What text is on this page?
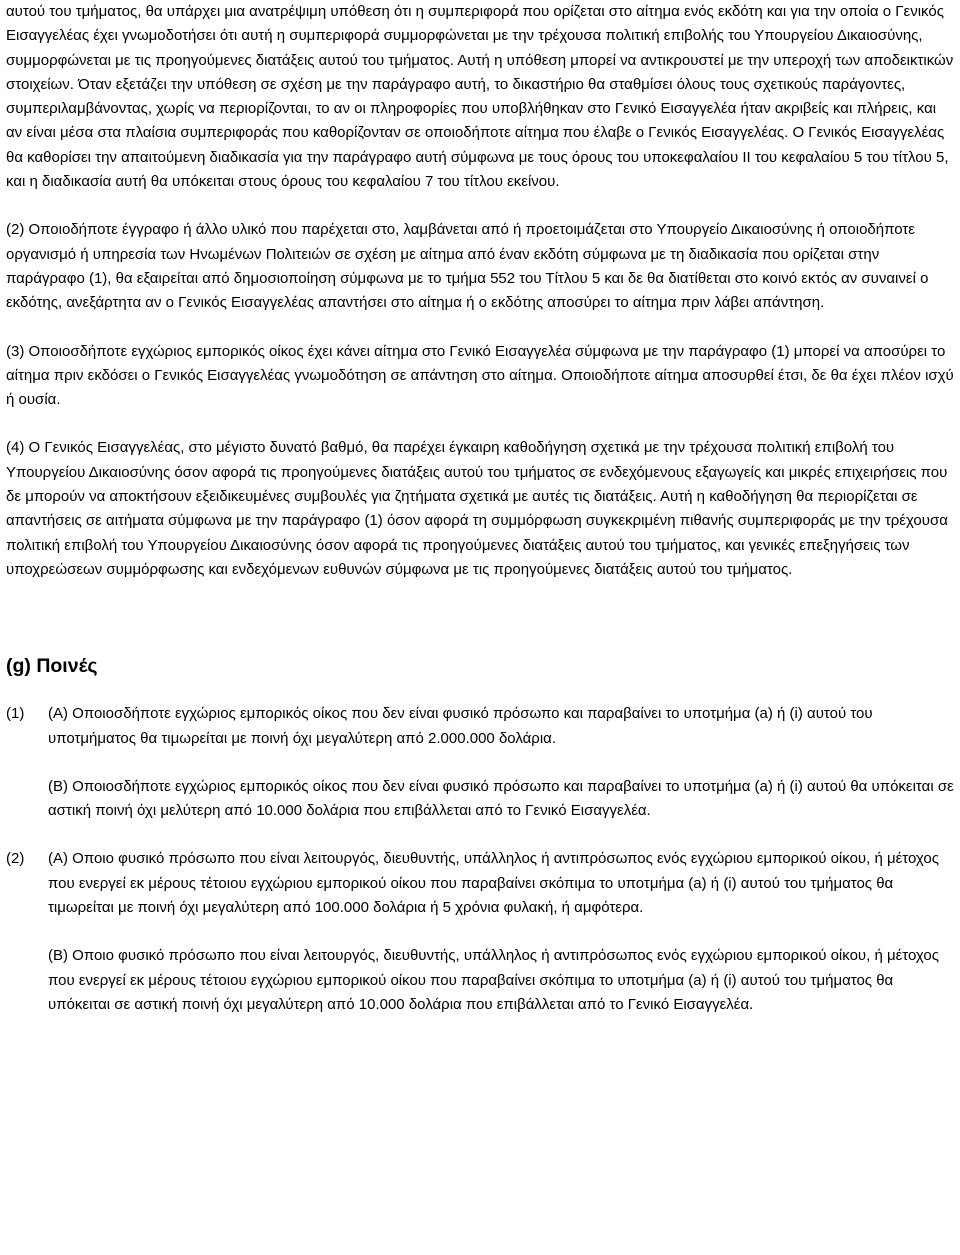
αυτού του τμήματος, θα υπάρχει μια ανατρέψιμη υπόθεση ότι η συμπεριφορά που ορίζεται στο αίτημα ενός εκδότη και για την οποία ο Γενικός Εισαγγελέας έχει γνωμοδοτήσει ότι αυτή η συμπεριφορά συμμορφώνεται με την τρέχουσα πολιτική επιβολής του Υπουργείου Δικαιοσύνης, συμμορφώνεται με τις προηγούμενες διατάξεις αυτού του τμήματος. Αυτή η υπόθεση μπορεί να αντικρουστεί με την υπεροχή των αποδεικτικών στοιχείων. Όταν εξετάζει την υπόθεση σε σχέση με την παράγραφο αυτή, το δικαστήριο θα σταθμίσει όλους τους σχετικούς παράγοντες, συμπεριλαμβάνοντας, χωρίς να περιορίζονται, το αν οι πληροφορίες που υποβλήθηκαν στο Γενικό Εισαγγελέα ήταν ακριβείς και πλήρεις, και αν είναι μέσα στα πλαίσια συμπεριφοράς που καθορίζονταν σε οποιοδήποτε αίτημα που έλαβε ο Γενικός Εισαγγελέας. Ο Γενικός Εισαγγελέας θα καθορίσει την απαιτούμενη διαδικασία για την παράγραφο αυτή σύμφωνα με τους όρους του υποκεφαλαίου II του κεφαλαίου 5 του τίτλου 5, και η διαδικασία αυτή θα υπόκειται στους όρους του κεφαλαίου 7 του τίτλου εκείνου.

(2) Οποιοδήποτε έγγραφο ή άλλο υλικό που παρέχεται στο, λαμβάνεται από ή προετοιμάζεται στο Υπουργείο Δικαιοσύνης ή οποιοδήποτε οργανισμό ή υπηρεσία των Ηνωμένων Πολιτειών σε σχέση με αίτημα από έναν εκδότη σύμφωνα με τη διαδικασία που ορίζεται στην παράγραφο (1), θα εξαιρείται από δημοσιοποίηση σύμφωνα με το τμήμα 552 του Τίτλου 5 και δε θα διατίθεται στο κοινό εκτός αν συναινεί ο εκδότης, ανεξάρτητα αν ο Γενικός Εισαγγελέας απαντήσει στο αίτημα ή ο εκδότης αποσύρει το αίτημα πριν λάβει απάντηση.

(3) Οποιοσδήποτε εγχώριος εμπορικός οίκος έχει κάνει αίτημα στο Γενικό Εισαγγελέα σύμφωνα με την παράγραφο (1) μπορεί να αποσύρει το αίτημα πριν εκδόσει ο Γενικός Εισαγγελέας γνωμοδότηση σε απάντηση στο αίτημα. Οποιοδήποτε αίτημα αποσυρθεί έτσι, δε θα έχει πλέον ισχύ ή ουσία.

(4) Ο Γενικός Εισαγγελέας, στο μέγιστο δυνατό βαθμό, θα παρέχει έγκαιρη καθοδήγηση σχετικά με την τρέχουσα πολιτική επιβολή του Υπουργείου Δικαιοσύνης όσον αφορά τις προηγούμενες διατάξεις αυτού του τμήματος σε ενδεχόμενους εξαγωγείς και μικρές επιχειρήσεις που δε μπορούν να αποκτήσουν εξειδικευμένες συμβουλές για ζητήματα σχετικά με αυτές τις διατάξεις. Αυτή η καθοδήγηση θα περιορίζεται σε απαντήσεις σε αιτήματα σύμφωνα με την παράγραφο (1) όσον αφορά τη συμμόρφωση συγκεκριμένη πιθανής συμπεριφοράς με την τρέχουσα πολιτική επιβολή του Υπουργείου Δικαιοσύνης όσον αφορά τις προηγούμενες διατάξεις αυτού του τμήματος, και γενικές επεξηγήσεις των υποχρεώσεων συμμόρφωσης και ενδεχόμενων ευθυνών σύμφωνα με τις προηγούμενες διατάξεις αυτού του τμήματος.

(g) Ποινές
(1)	(Α) Οποιοσδήποτε εγχώριος εμπορικός οίκος που δεν είναι φυσικό πρόσωπο και παραβαίνει το υποτμήμα (a) ή (i) αυτού του υποτμήματος θα τιμωρείται με ποινή όχι μεγαλύτερη από 2.000.000 δολάρια.

(Β) Οποιοσδήποτε εγχώριος εμπορικός οίκος που δεν είναι φυσικό πρόσωπο και παραβαίνει το υποτμήμα (a) ή (i) αυτού θα υπόκειται σε αστική ποινή όχι μελύτερη από 10.000 δολάρια που επιβάλλεται από το Γενικό Εισαγγελέα.

(2)	(Α) Οποιο φυσικό πρόσωπο που είναι λειτουργός, διευθυντής, υπάλληλος ή αντιπρόσωπος ενός εγχώριου εμπορικού οίκου, ή μέτοχος που ενεργεί εκ μέρους τέτοιου εγχώριου εμπορικού οίκου που παραβαίνει σκόπιμα το υποτμήμα (a) ή (i) αυτού του τμήματος θα τιμωρείται με ποινή όχι μεγαλύτερη από 100.000 δολάρια ή 5 χρόνια φυλακή, ή αμφότερα.

(Β) Οποιο φυσικό πρόσωπο που είναι λειτουργός, διευθυντής, υπάλληλος ή αντιπρόσωπος ενός εγχώριου εμπορικού οίκου, ή μέτοχος που ενεργεί εκ μέρους τέτοιου εγχώριου εμπορικού οίκου που παραβαίνει σκόπιμα το υποτμήμα (a) ή (i) αυτού του τμήματος θα υπόκειται σε αστική ποινή όχι μεγαλύτερη από 10.000 δολάρια που επιβάλλεται από το Γενικό Εισαγγελέα.
